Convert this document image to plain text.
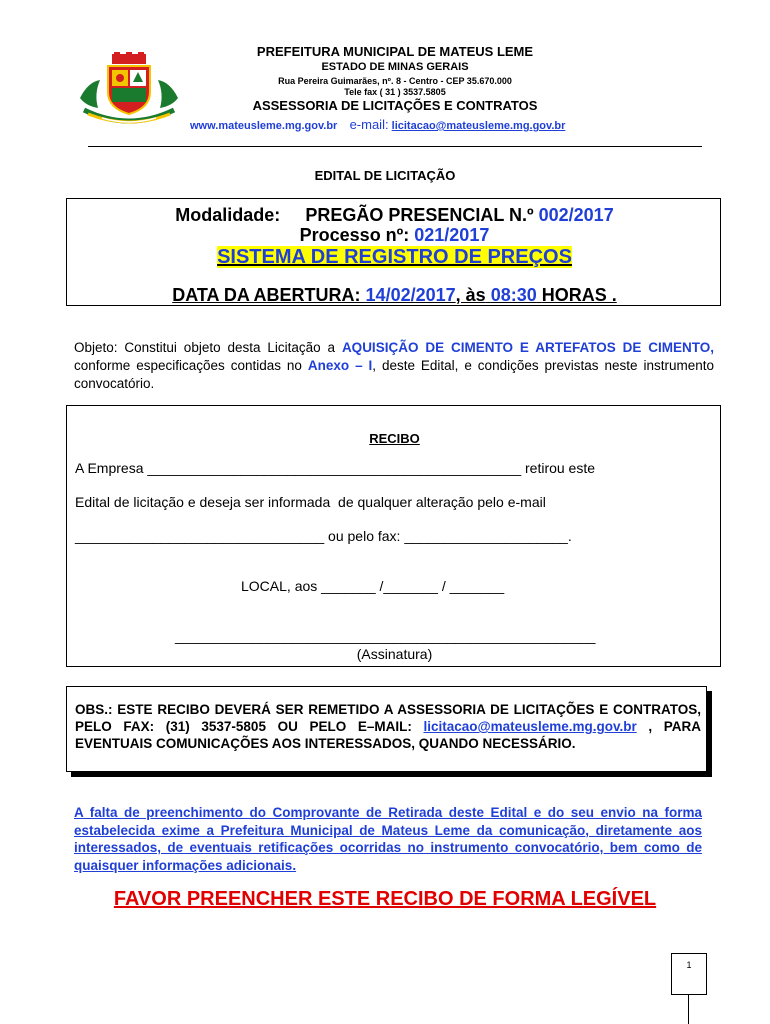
PREFEITURA MUNICIPAL DE MATEUS LEME
ESTADO DE MINAS GERAIS
Rua Pereira Guimarães, nº. 8 - Centro - CEP 35.670.000
Tele fax ( 31 ) 3537.5805
ASSESSORIA DE LICITAÇÕES E CONTRATOS
www.mateusleme.mg.gov.br e-mail: licitacao@mateusleme.mg.gov.br
EDITAL DE LICITAÇÃO
Modalidade: PREGÃO PRESENCIAL N.º 002/2017
Processo nº: 021/2017
SISTEMA DE REGISTRO DE PREÇOS
DATA DA ABERTURA: 14/02/2017, às 08:30 HORAS .
Objeto: Constitui objeto desta Licitação a AQUISIÇÃO DE CIMENTO E ARTEFATOS DE CIMENTO, conforme especificações contidas no Anexo – I, deste Edital, e condições previstas neste instrumento convocatório.
RECIBO
A Empresa ________________________________________________ retirou este
Edital de licitação e deseja ser informada  de qualquer alteração pelo e-mail
________________________________ ou pelo fax: _____________________.
LOCAL, aos _______ /_______ / _______
______________________________________________________
(Assinatura)
OBS.: ESTE RECIBO DEVERÁ SER REMETIDO A ASSESSORIA DE LICITAÇÕES E CONTRATOS, PELO FAX: (31) 3537-5805 OU PELO E–MAIL: licitacao@mateusleme.mg.gov.br , PARA EVENTUAIS COMUNICAÇÕES AOS INTERESSADOS, QUANDO NECESSÁRIO.
A falta de preenchimento do Comprovante de Retirada deste Edital e do seu envio na forma estabelecida exime a Prefeitura Municipal de Mateus Leme da comunicação, diretamente aos interessados, de eventuais retificações ocorridas no instrumento convocatório, bem como de quaisquer informações adicionais.
FAVOR PREENCHER ESTE RECIBO DE FORMA LEGÍVEL
1
